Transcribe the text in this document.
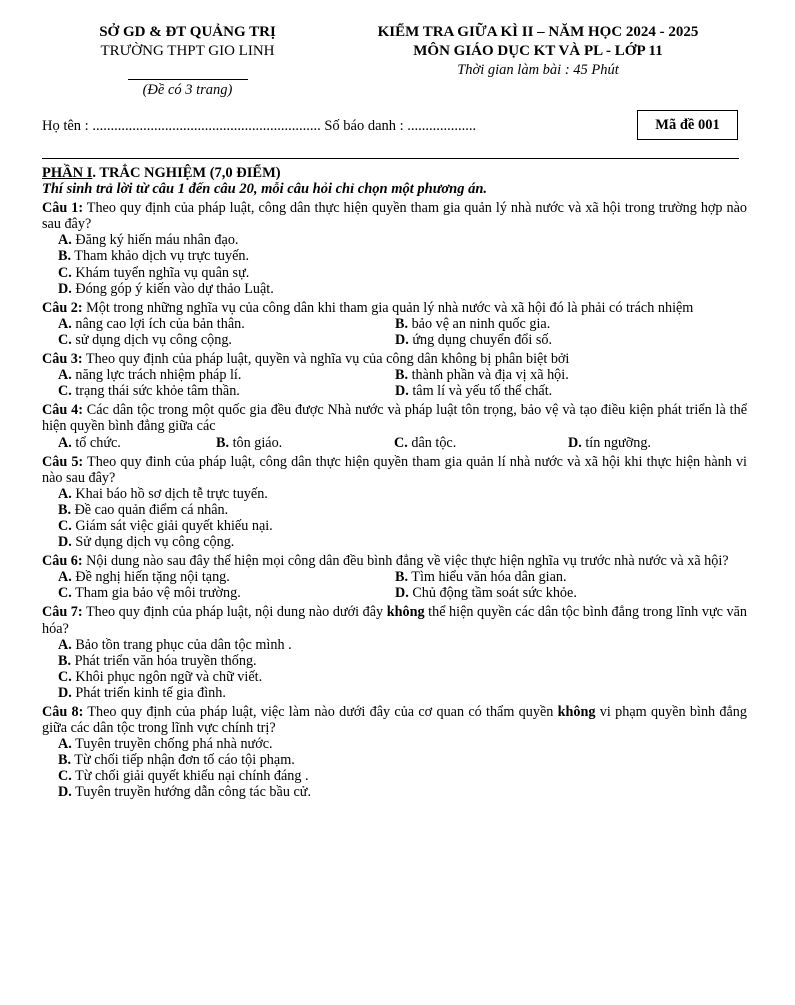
SỞ GD & ĐT QUẢNG TRỊ
TRƯỜNG THPT GIO LINH
(Đề có 3 trang)
KIỂM TRA GIỮA KÌ II – NĂM HỌC 2024 - 2025
MÔN GIÁO DỤC KT VÀ PL - LỚP 11
Thời gian làm bài : 45 Phút
Họ tên : ............................................................... Số báo danh : ...................	Mã đề 001
PHẦN I. TRẮC NGHIỆM (7,0 ĐIỂM)
Thí sinh trả lời từ câu 1 đến câu 20, mỗi câu hỏi chỉ chọn một phương án.
Câu 1: Theo quy định của pháp luật, công dân thực hiện quyền tham gia quản lý nhà nước và xã hội trong trường hợp nào sau đây?
A. Đăng ký hiến máu nhân đạo.
B. Tham khảo dịch vụ trực tuyến.
C. Khám tuyển nghĩa vụ quân sự.
D. Đóng góp ý kiến vào dự thảo Luật.
Câu 2: Một trong những nghĩa vụ của công dân khi tham gia quản lý nhà nước và xã hội đó là phải có trách nhiệm
A. nâng cao lợi ích của bản thân.	B. bảo vệ an ninh quốc gia.
C. sử dụng dịch vụ công cộng.	D. ứng dụng chuyển đổi số.
Câu 3: Theo quy định của pháp luật, quyền và nghĩa vụ của công dân không bị phân biệt bởi
A. năng lực trách nhiệm pháp lí.	B. thành phần và địa vị xã hội.
C. trạng thái sức khỏe tâm thần.	D. tâm lí và yếu tố thể chất.
Câu 4: Các dân tộc trong một quốc gia đều được Nhà nước và pháp luật tôn trọng, bảo vệ và tạo điều kiện phát triển là thể hiện quyền bình đẳng giữa các
A. tổ chức.	B. tôn giáo.	C. dân tộc.	D. tín ngưỡng.
Câu 5: Theo quy đinh của pháp luật, công dân thực hiện quyền tham gia quản lí nhà nước và xã hội khi thực hiện hành vi nào sau đây?
A. Khai báo hồ sơ dịch tễ trực tuyến.
B. Đề cao quản điểm cá nhân.
C. Giám sát việc giải quyết khiếu nại.
D. Sử dụng dịch vụ công cộng.
Câu 6: Nội dung nào sau đây thể hiện mọi công dân đều bình đẳng về việc thực hiện nghĩa vụ trước nhà nước và xã hội?
A. Đề nghị hiến tặng nội tạng.	B. Tìm hiểu văn hóa dân gian.
C. Tham gia bảo vệ môi trường.	D. Chủ động tầm soát sức khỏe.
Câu 7: Theo quy định của pháp luật, nội dung nào dưới đây không thể hiện quyền các dân tộc bình đẳng trong lĩnh vực văn hóa?
A. Bảo tồn trang phục của dân tộc mình .
B. Phát triển văn hóa truyền thống.
C. Khôi phục ngôn ngữ và chữ viết.
D. Phát triển kinh tế gia đình.
Câu 8: Theo quy định của pháp luật, việc làm nào dưới đây của cơ quan có thẩm quyền không vi phạm quyền bình đẳng giữa các dân tộc trong lĩnh vực chính trị?
A. Tuyên truyền chống phá nhà nước.
B. Từ chối tiếp nhận đơn tố cáo tội phạm.
C. Từ chối giải quyết khiếu nại chính đáng .
D. Tuyên truyền hướng dẫn công tác bầu cử.
